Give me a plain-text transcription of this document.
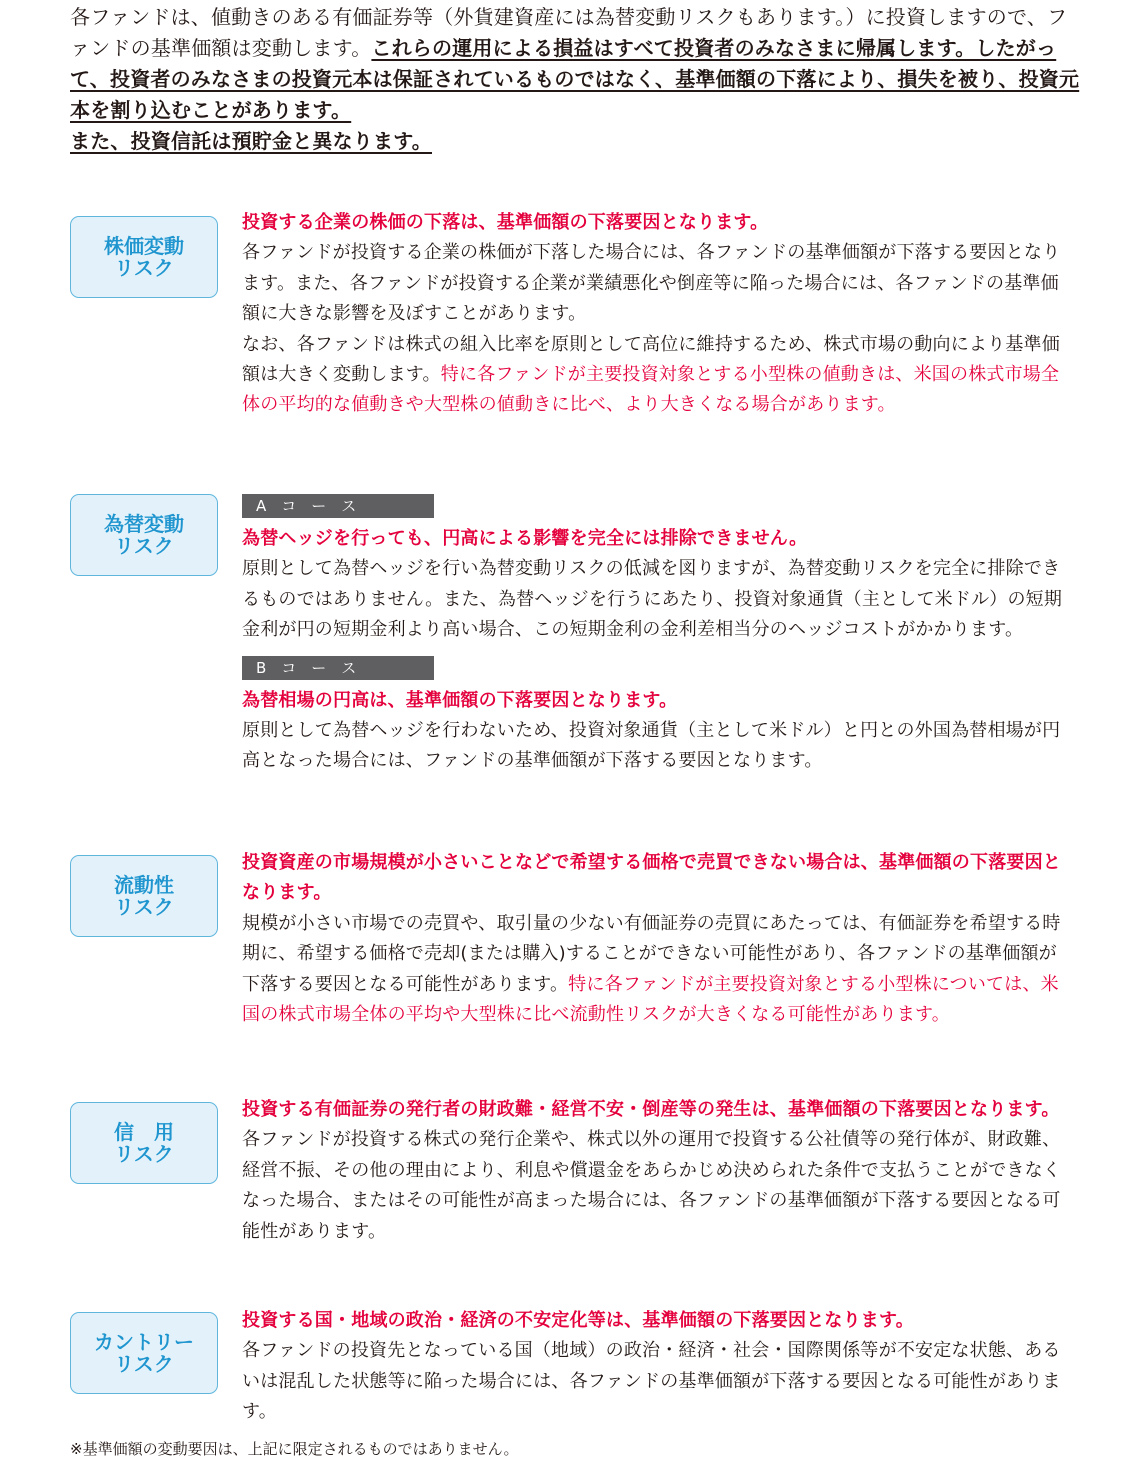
各ファンドは、値動きのある有価証券等（外貨建資産には為替変動リスクもあります。）に投資しますので、ファンドの基準価額は変動します。これらの運用による損益はすべて投資者のみなさまに帰属します。したがって、投資者のみなさまの投資元本は保証されているものではなく、基準価額の下落により、損失を被り、投資元本を割り込むことがあります。
また、投資信託は預貯金と異なります。
株価変動
リスク
投資する企業の株価の下落は、基準価額の下落要因となります。
各ファンドが投資する企業の株価が下落した場合には、各ファンドの基準価額が下落する要因となります。また、各ファンドが投資する企業が業績悪化や倒産等に陥った場合には、各ファンドの基準価額に大きな影響を及ぼすことがあります。
なお、各ファンドは株式の組入比率を原則として高位に維持するため、株式市場の動向により基準価額は大きく変動します。特に各ファンドが主要投資対象とする小型株の値動きは、米国の株式市場全体の平均的な値動きや大型株の値動きに比べ、より大きくなる場合があります。
為替変動
リスク
A　コ　ー　ス
為替ヘッジを行っても、円高による影響を完全には排除できません。
原則として為替ヘッジを行い為替変動リスクの低減を図りますが、為替変動リスクを完全に排除できるものではありません。また、為替ヘッジを行うにあたり、投資対象通貨（主として米ドル）の短期金利が円の短期金利より高い場合、この短期金利の金利差相当分のヘッジコストがかかります。
B　コ　ー　ス
為替相場の円高は、基準価額の下落要因となります。
原則として為替ヘッジを行わないため、投資対象通貨（主として米ドル）と円との外国為替相場が円高となった場合には、ファンドの基準価額が下落する要因となります。
流動性
リスク
投資資産の市場規模が小さいことなどで希望する価格で売買できない場合は、基準価額の下落要因となります。
規模が小さい市場での売買や、取引量の少ない有価証券の売買にあたっては、有価証券を希望する時期に、希望する価格で売却(または購入)することができない可能性があり、各ファンドの基準価額が下落する要因となる可能性があります。特に各ファンドが主要投資対象とする小型株については、米国の株式市場全体の平均や大型株に比べ流動性リスクが大きくなる可能性があります。
信　用
リスク
投資する有価証券の発行者の財政難・経営不安・倒産等の発生は、基準価額の下落要因となります。
各ファンドが投資する株式の発行企業や、株式以外の運用で投資する公社債等の発行体が、財政難、経営不振、その他の理由により、利息や償還金をあらかじめ決められた条件で支払うことができなくなった場合、またはその可能性が高まった場合には、各ファンドの基準価額が下落する要因となる可能性があります。
カントリー
リスク
投資する国・地域の政治・経済の不安定化等は、基準価額の下落要因となります。
各ファンドの投資先となっている国（地域）の政治・経済・社会・国際関係等が不安定な状態、あるいは混乱した状態等に陥った場合には、各ファンドの基準価額が下落する要因となる可能性があります。
※基準価額の変動要因は、上記に限定されるものではありません。
